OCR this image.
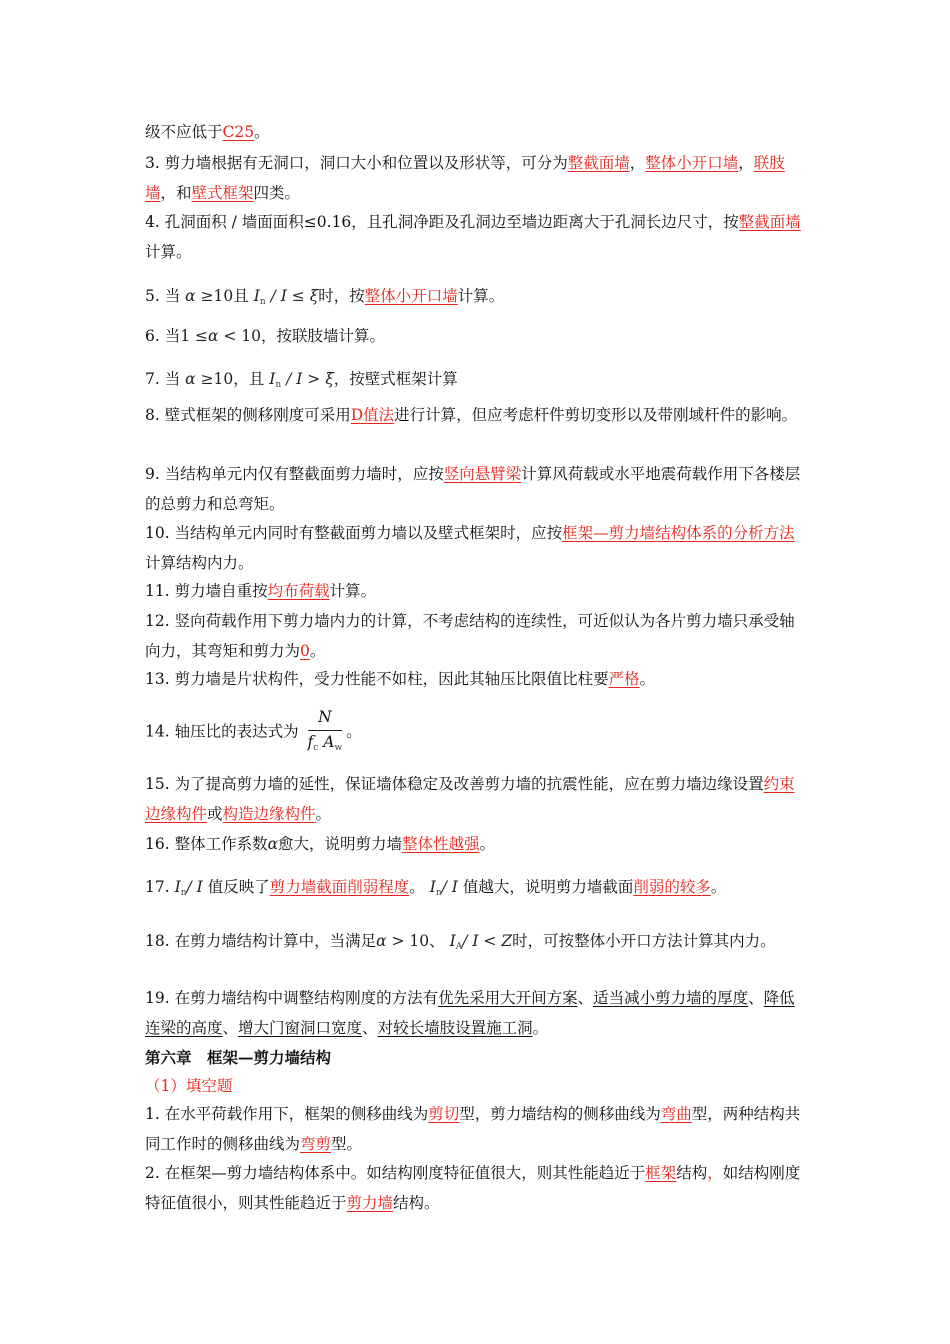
级不应低于C25。
3. 剪力墙根据有无洞口，洞口大小和位置以及形状等，可分为整截面墙，整体小开口墙，联肢墙，和壁式框架四类。
4. 孔洞面积 / 墙面面积≤0.16，且孔洞净距及孔洞边至墙边距离大于孔洞长边尺寸，按整截面墙计算。
5. 当 α ≥10且 $I_n / I \le \xi$时，按整体小开口墙计算。
6. 当1 ≤α < 10，按联肢墙计算。
7. 当 α ≥10，且 $I_n / I > \xi$，按壁式框架计算
8. 壁式框架的侧移刚度可采用D值法进行计算，但应考虑杆件剪切变形以及带刚域杆件的影响。
9. 当结构单元内仅有整截面剪力墙时，应按竖向悬臂梁计算风荷载或水平地震荷载作用下各楼层的总剪力和总弯矩。
10. 当结构单元内同时有整截面剪力墙以及壁式框架时，应按框架—剪力墙结构体系的分析方法计算结构内力。
11. 剪力墙自重按均布荷载计算。
12. 竖向荷载作用下剪力墙内力的计算，不考虑结构的连续性，可近似认为各片剪力墙只承受轴向力，其弯矩和剪力为0。
13. 剪力墙是片状构件，受力性能不如柱，因此其轴压比限值比柱要严格。
14. 轴压比的表达式为 $\frac{N}{f_c A_w}$ 。
15. 为了提高剪力墙的延性，保证墙体稳定及改善剪力墙的抗震性能，应在剪力墙边缘设置约束边缘构件或构造边缘构件。
16. 整体工作系数α愈大，说明剪力墙整体性越强。
17. $I_n/$ I 值反映了剪力墙截面削弱程度。 $I_n/$ I 值越大，说明剪力墙截面削弱的较多。
18. 在剪力墙结构计算中，当满足α > 10、 $I_A/$ I < Z时，可按整体小开口方法计算其内力。
19. 在剪力墙结构中调整结构刚度的方法有优先采用大开间方案、适当减小剪力墙的厚度、降低连梁的高度、增大门窗洞口宽度、对较长墙肢设置施工洞。
第六章　框架—剪力墙结构
（1）填空题
1. 在水平荷载作用下，框架的侧移曲线为剪切型，剪力墙结构的侧移曲线为弯曲型，两种结构共同工作时的侧移曲线为弯剪型。
2. 在框架—剪力墙结构体系中。如结构刚度特征值很大，则其性能趋近于框架结构，如结构刚度特征值很小，则其性能趋近于剪力墙结构。
